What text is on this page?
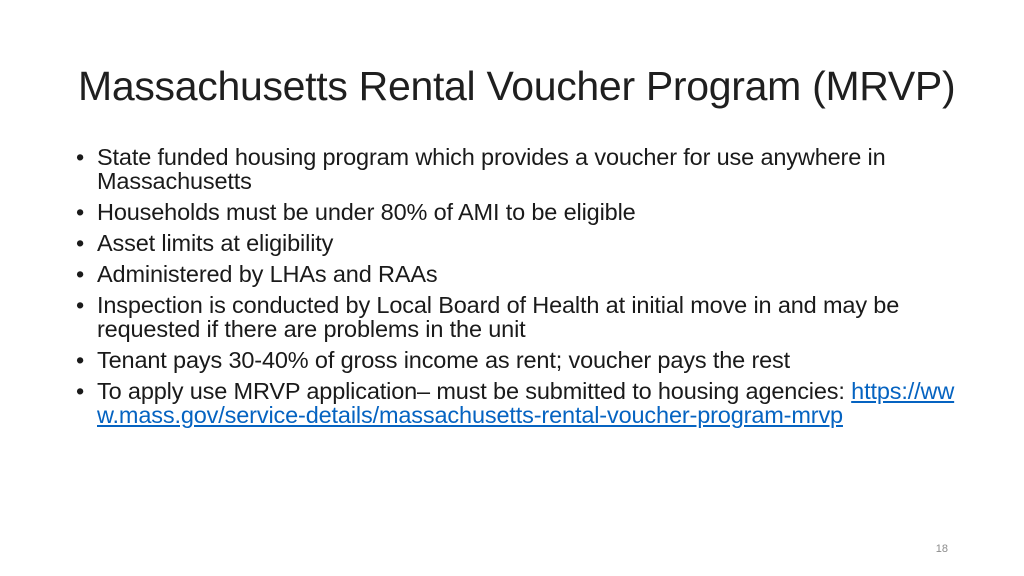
Massachusetts Rental Voucher Program (MRVP)
• State funded housing program which provides a voucher for use anywhere in Massachusetts
• Households must be under 80% of AMI to be eligible
• Asset limits at eligibility
• Administered by LHAs and RAAs
• Inspection is conducted by Local Board of Health at initial move in and may be requested if there are problems in the unit
• Tenant pays 30-40% of gross income as rent; voucher pays the rest
• To apply use MRVP application– must be submitted to housing agencies: https://www.mass.gov/service-details/massachusetts-rental-voucher-program-mrvp
18
